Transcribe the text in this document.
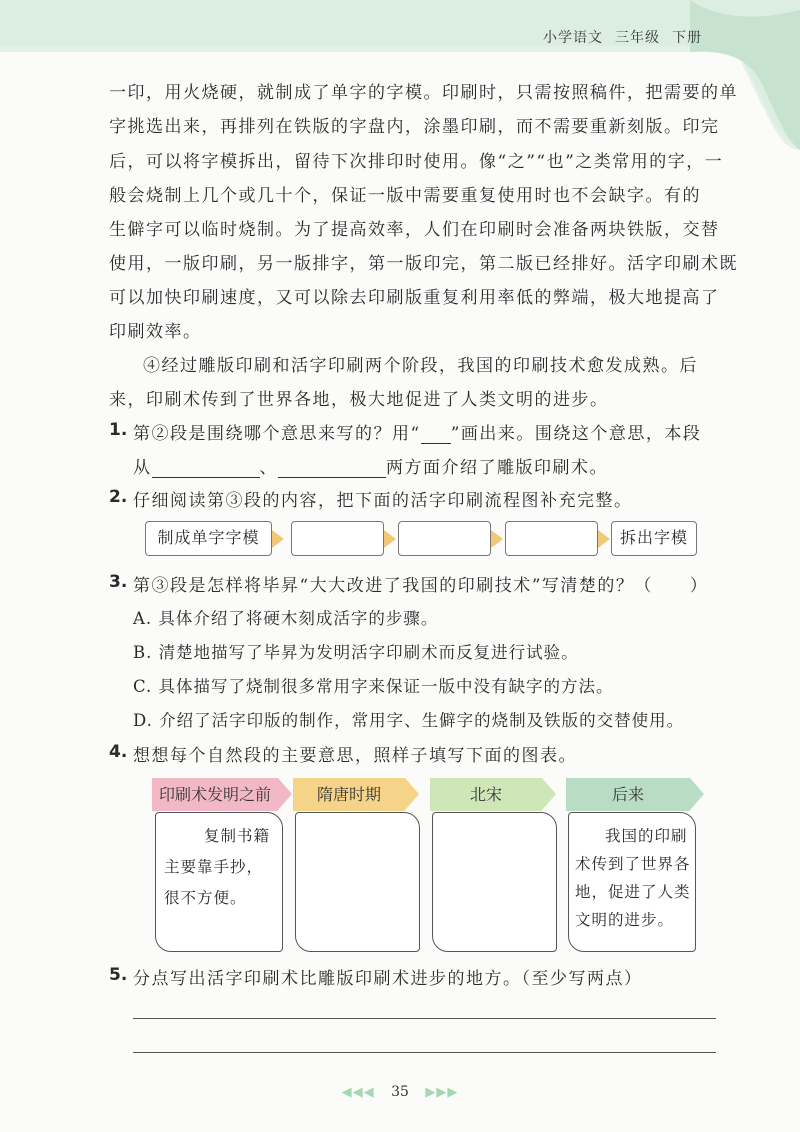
小学语文 三年级 下册
一印，用火烧硬，就制成了单字的字模。印刷时，只需按照稿件，把需要的单
字挑选出来，再排列在铁版的字盘内，涂墨印刷，而不需要重新刻版。印完
后，可以将字模拆出，留待下次排印时使用。像“之”“也”之类常用的字，一
般会烧制上几个或几十个，保证一版中需要重复使用时也不会缺字。有的
生僻字可以临时烧制。为了提高效率，人们在印刷时会准备两块铁版，交替
使用，一版印刷，另一版排字，第一版印完，第二版已经排好。活字印刷术既
可以加快印刷速度，又可以除去印刷版重复利用率低的弊端，极大地提高了
印刷效率。
④经过雕版印刷和活字印刷两个阶段，我国的印刷技术愈发成熟。后
来，印刷术传到了世界各地，极大地促进了人类文明的进步。
1. 第②段是围绕哪个意思来写的？用“ ”画出来。围绕这个意思，本段
从	、	两方面介绍了雕版印刷术。
2. 仔细阅读第③段的内容，把下面的活字印刷流程图补充完整。
制成单字字模	拆出字模
3. 第③段是怎样将毕昇“大大改进了我国的印刷技术”写清楚的？（　　）
A. 具体介绍了将硬木刻成活字的步骤。
B. 清楚地描写了毕昇为发明活字印刷术而反复进行试验。
C. 具体描写了烧制很多常用字来保证一版中没有缺字的方法。
D. 介绍了活字印版的制作，常用字、生僻字的烧制及铁版的交替使用。
4. 想想每个自然段的主要意思，照样子填写下面的图表。
复制书籍
主要靠手抄，
很不方便。
我国的印刷
术传到了世界各
地，促进了人类
文明的进步。
印刷术发明之前	隋唐时期	北宋	后来
5. 分点写出活字印刷术比雕版印刷术进步的地方。（至少写两点）
◀◀◀ 35 ▶▶▶
